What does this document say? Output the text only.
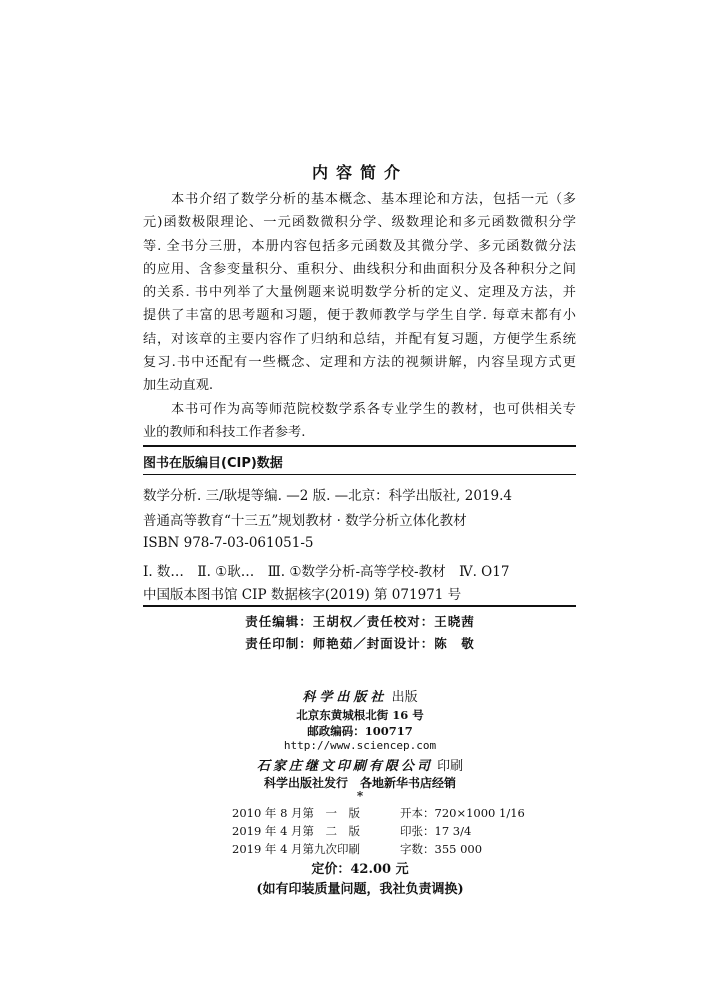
内容简介
　　本书介绍了数学分析的基本概念、基本理论和方法，包括一元（多
元)函数极限理论、一元函数微积分学、级数理论和多元函数微积分学
等. 全书分三册，本册内容包括多元函数及其微分学、多元函数微分法
的应用、含参变量积分、重积分、曲线积分和曲面积分及各种积分之间
的关系. 书中列举了大量例题来说明数学分析的定义、定理及方法，并
提供了丰富的思考题和习题，便于教师教学与学生自学. 每章末都有小
结，对该章的主要内容作了归纳和总结，并配有复习题，方便学生系统
复习.书中还配有一些概念、定理和方法的视频讲解，内容呈现方式更
加生动直观.
　　本书可作为高等师范院校数学系各专业学生的教材，也可供相关专
业的教师和科技工作者参考.
图书在版编目(CIP)数据
数学分析. 三/耿堤等编. —2 版. —北京：科学出版社, 2019.4
普通高等教育“十三五”规划教材 · 数学分析立体化教材
ISBN 978-7-03-061051-5
Ⅰ. 数…　Ⅱ. ①耿…　Ⅲ. ①数学分析-高等学校-教材　Ⅳ. O17
中国版本图书馆 CIP 数据核字(2019) 第 071971 号
责任编辑：王胡权／责任校对：王晓茜
责任印制：师艳茹／封面设计：陈　敬
科学出版社 出版
北京东黄城根北街 16 号
邮政编码：100717
http://www.sciencep.com
石家庄继文印刷有限公司 印刷
科学出版社发行　各地新华书店经销
*
2010 年 8 月第　一　版	开本：720×1000 1/16
2019 年 4 月第　二　版	印张：17 3/4
2019 年 4 月第九次印刷	字数：355 000
定价：42.00 元
(如有印装质量问题，我社负责调换)
